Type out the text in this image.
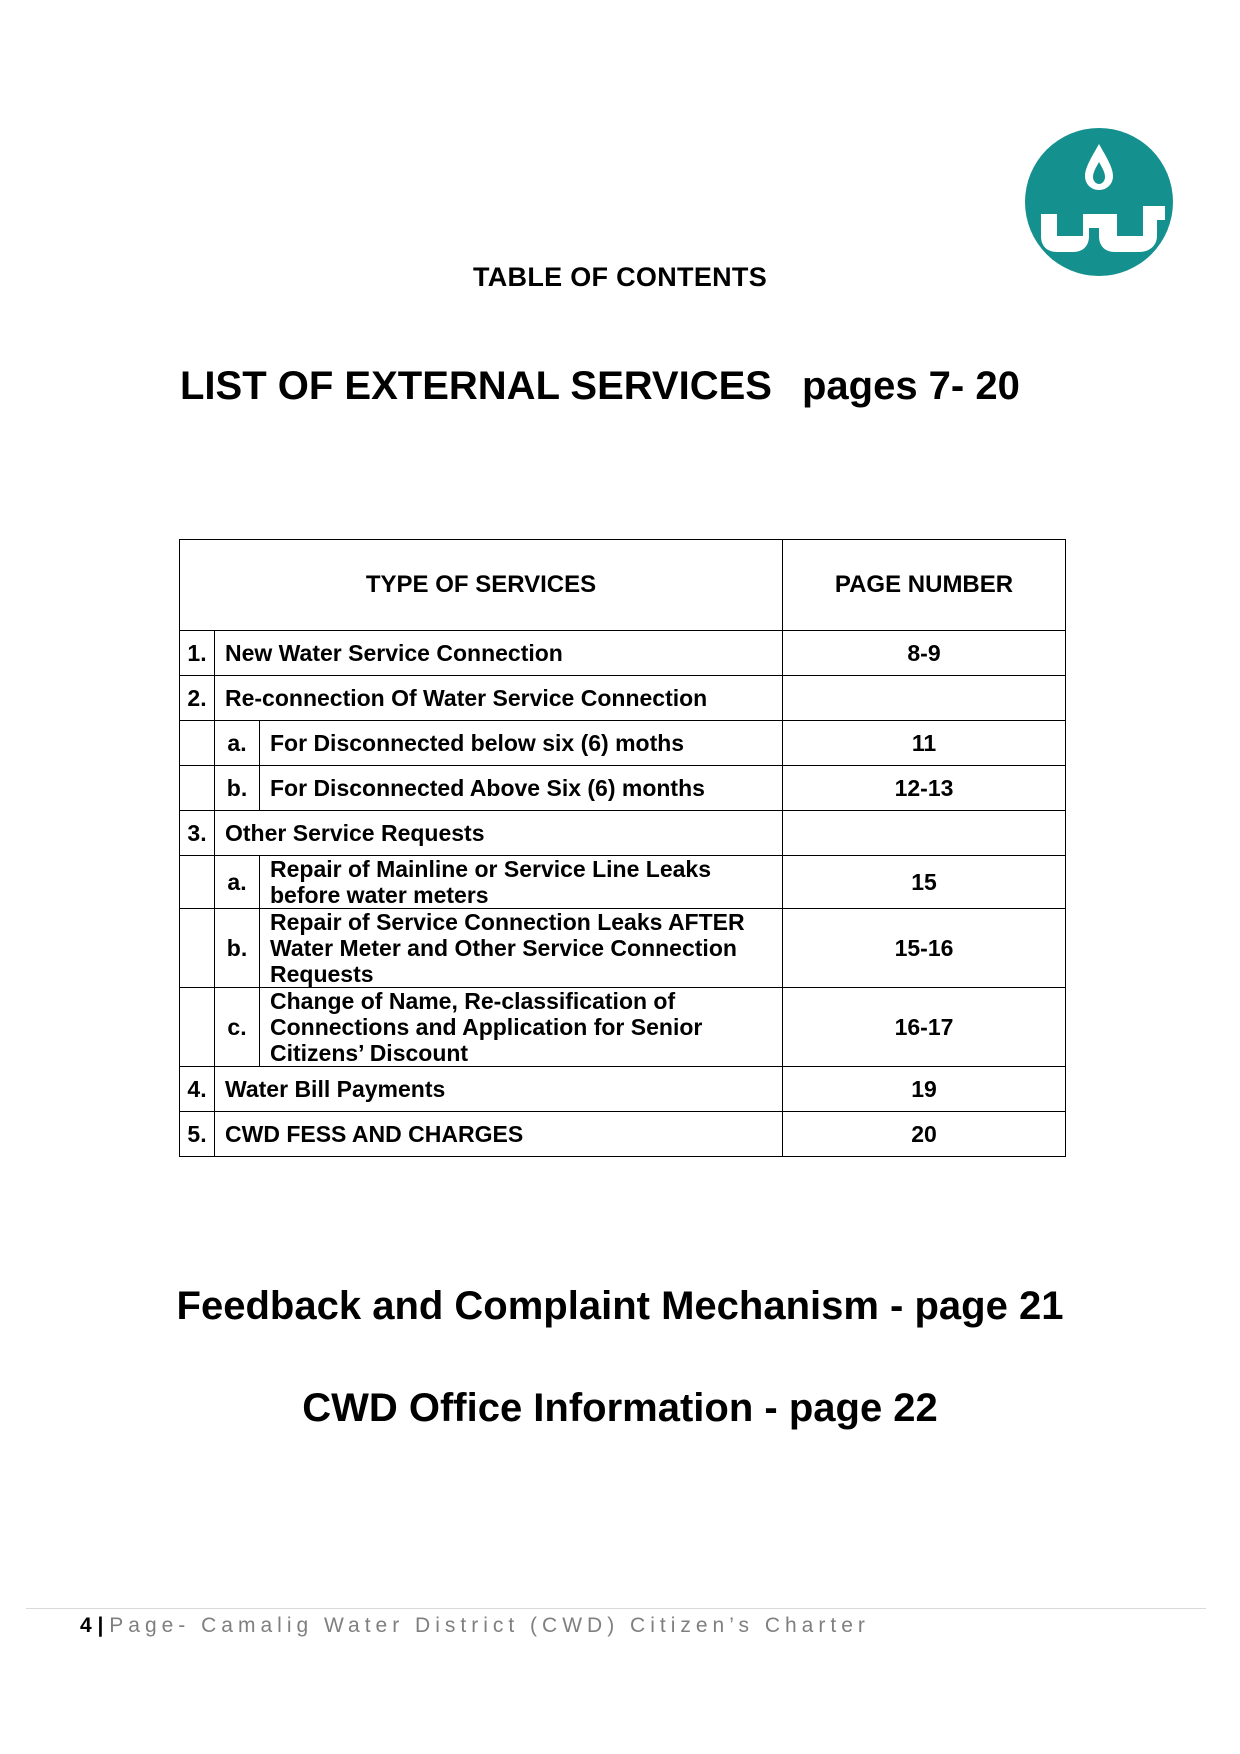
TABLE OF CONTENTS
LIST OF EXTERNAL SERVICES pages 7- 20
TYPE OF SERVICES			PAGE NUMBER
1.	New Water Service Connection		8-9
2.	Re-connection Of Water Service Connection		
	a.	For Disconnected below six (6) moths	11
	b.	For Disconnected Above Six (6) months	12-13
3.	Other Service Requests		
	a.	Repair of Mainline or Service Line Leaks before water meters	15
	b.	Repair of Service Connection Leaks AFTER Water Meter and Other Service Connection Requests	15-16
	c.	Change of Name, Re-classification of Connections and Application for Senior Citizens’ Discount	16-17
4.	Water Bill Payments		19
5.	CWD FESS AND CHARGES		20
Feedback and Complaint Mechanism - page 21
CWD Office Information - page 22
4 | Page- Camalig Water District (CWD) Citizen’s Charter
